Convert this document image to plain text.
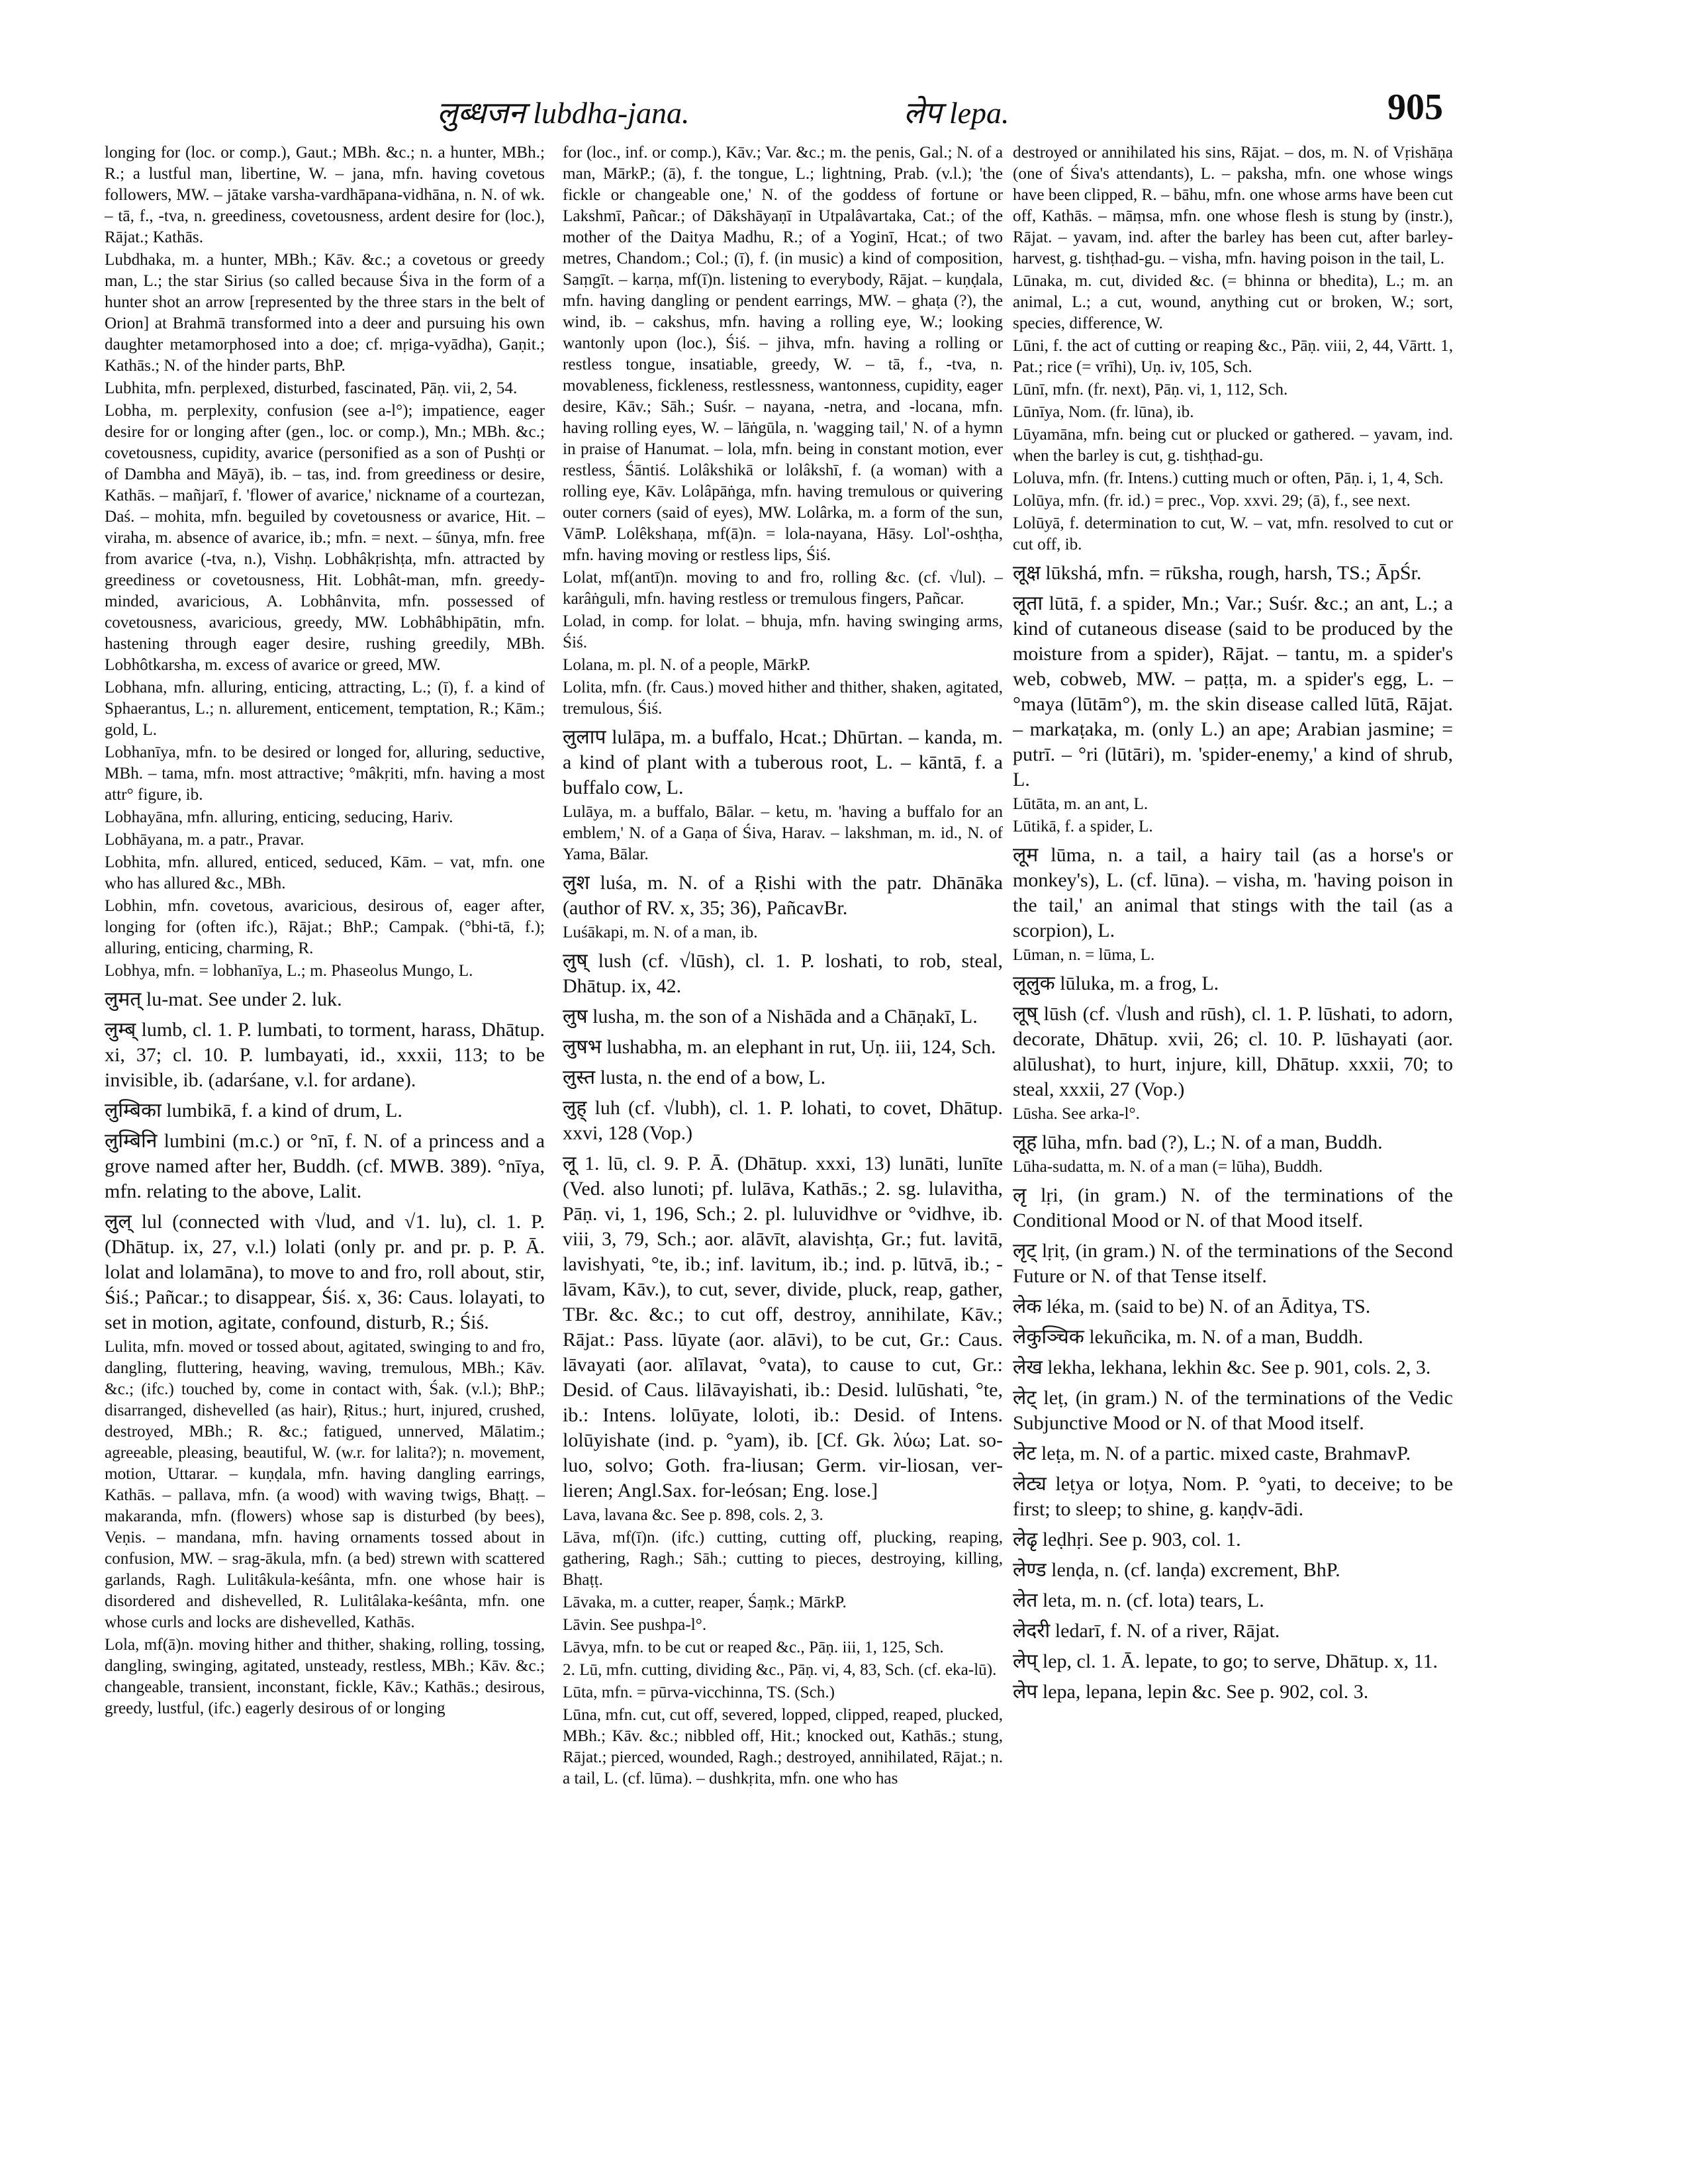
लुब्धजन lubdha-jana.	लेप lepa.	905

longing for (loc. or comp.), Gaut.; MBh. &c.; n. a hunter, MBh.; R.; a lustful man, libertine, W. – jana, mfn. having covetous followers, MW. – jātake varsha-vardhāpana-vidhāna, n. N. of wk. – tā, f., -tva, n. greediness, covetousness, ardent desire for (loc.), Rājat.; Kathās.

Lubdhaka, m. a hunter, MBh.; Kāv. &c.; a covetous or greedy man, L.; the star Sirius (so called because Śiva in the form of a hunter shot an arrow [represented by the three stars in the belt of Orion] at Brahmā transformed into a deer and pursuing his own daughter metamorphosed into a doe; cf. mṛiga-vyādha), Gaṇit.; Kathās.; N. of the hinder parts, BhP.

Lubhita, mfn. perplexed, disturbed, fascinated, Pāṇ. vii, 2, 54.

Lobha, m. perplexity, confusion (see a-l°); impatience, eager desire for or longing after (gen., loc. or comp.), Mn.; MBh. &c.; covetousness, cupidity, avarice (personified as a son of Pushṭi or of Dambha and Māyā), ib. – tas, ind. from greediness or desire, Kathās. – mañjarī, f. 'flower of avarice,' nickname of a courtezan, Daś. – mohita, mfn. beguiled by covetousness or avarice, Hit. – viraha, m. absence of avarice, ib.; mfn. = next. – śūnya, mfn. free from avarice (-tva, n.), Vishṇ. Lobhâkṛishṭa, mfn. attracted by greediness or covetousness, Hit. Lobhât-man, mfn. greedy-minded, avaricious, A. Lobhânvita, mfn. possessed of covetousness, avaricious, greedy, MW. Lobhâbhipātin, mfn. hastening through eager desire, rushing greedily, MBh. Lobhôtkarsha, m. excess of avarice or greed, MW.

Lobhana, mfn. alluring, enticing, attracting, L.; (ī), f. a kind of Sphaerantus, L.; n. allurement, enticement, temptation, R.; Kām.; gold, L.

Lobhanīya, mfn. to be desired or longed for, alluring, seductive, MBh. – tama, mfn. most attractive; °mâkṛiti, mfn. having a most attr° figure, ib.

Lobhayāna, mfn. alluring, enticing, seducing, Hariv.

Lobhāyana, m. a patr., Pravar.

Lobhita, mfn. allured, enticed, seduced, Kām. – vat, mfn. one who has allured &c., MBh.

Lobhin, mfn. covetous, avaricious, desirous of, eager after, longing for (often ifc.), Rājat.; BhP.; Campak. (°bhi-tā, f.); alluring, enticing, charming, R.

Lobhya, mfn. = lobhanīya, L.; m. Phaseolus Mungo, L.

लुमत् lu-mat. See under 2. luk.

लुम्ब् lumb, cl. 1. P. lumbati, to torment, harass, Dhātup. xi, 37; cl. 10. P. lumbayati, id., xxxii, 113; to be invisible, ib. (adarśane, v.l. for ardane).

लुम्बिका lumbikā, f. a kind of drum, L.

लुम्बिनि lumbini (m.c.) or °nī, f. N. of a princess and a grove named after her, Buddh. (cf. MWB. 389). °nīya, mfn. relating to the above, Lalit.

लुल् lul (connected with √lud, and √1. lu), cl. 1. P. (Dhātup. ix, 27, v.l.) lolati (only pr. and pr. p. P. Ā. lolat and lolamāna), to move to and fro, roll about, stir, Śiś.; Pañcar.; to disappear, Śiś. x, 36: Caus. lolayati, to set in motion, agitate, confound, disturb, R.; Śiś.

Lulita, mfn. moved or tossed about, agitated, swinging to and fro, dangling, fluttering, heaving, waving, tremulous, MBh.; Kāv. &c.; (ifc.) touched by, come in contact with, Śak. (v.l.); BhP.; disarranged, dishevelled (as hair), Ṛitus.; hurt, injured, crushed, destroyed, MBh.; R. &c.; fatigued, unnerved, Mālatim.; agreeable, pleasing, beautiful, W. (w.r. for lalita?); n. movement, motion, Uttarar. – kuṇḍala, mfn. having dangling earrings, Kathās. – pallava, mfn. (a wood) with waving twigs, Bhaṭṭ. – makaranda, mfn. (flowers) whose sap is disturbed (by bees), Veṇis. – mandana, mfn. having ornaments tossed about in confusion, MW. – srag-ākula, mfn. (a bed) strewn with scattered garlands, Ragh. Lulitâkula-keśânta, mfn. one whose hair is disordered and dishevelled, R. Lulitâlaka-keśânta, mfn. one whose curls and locks are dishevelled, Kathās.

Lola, mf(ā)n. moving hither and thither, shaking, rolling, tossing, dangling, swinging, agitated, unsteady, restless, MBh.; Kāv. &c.; changeable, transient, inconstant, fickle, Kāv.; Kathās.; desirous, greedy, lustful, (ifc.) eagerly desirous of or longing

for (loc., inf. or comp.), Kāv.; Var. &c.; m. the penis, Gal.; N. of a man, MārkP.; (ā), f. the tongue, L.; lightning, Prab. (v.l.); 'the fickle or changeable one,' N. of the goddess of fortune or Lakshmī, Pañcar.; of Dākshāyaṇī in Utpalâvartaka, Cat.; of the mother of the Daitya Madhu, R.; of a Yoginī, Hcat.; of two metres, Chandom.; Col.; (ī), f. (in music) a kind of composition, Saṃgīt. – karṇa, mf(ī)n. listening to everybody, Rājat. – kuṇḍala, mfn. having dangling or pendent earrings, MW. – ghaṭa (?), the wind, ib. – cakshus, mfn. having a rolling eye, W.; looking wantonly upon (loc.), Śiś. – jihva, mfn. having a rolling or restless tongue, insatiable, greedy, W. – tā, f., -tva, n. movableness, fickleness, restlessness, wantonness, cupidity, eager desire, Kāv.; Sāh.; Suśr. – nayana, -netra, and -locana, mfn. having rolling eyes, W. – lāṅgūla, n. 'wagging tail,' N. of a hymn in praise of Hanumat. – lola, mfn. being in constant motion, ever restless, Śāntiś. Lolâkshikā or lolâkshī, f. (a woman) with a rolling eye, Kāv. Lolâpāṅga, mfn. having tremulous or quivering outer corners (said of eyes), MW. Lolârka, m. a form of the sun, VāmP. Lolêkshaṇa, mf(ā)n. = lola-nayana, Hāsy. Lol'-oshṭha, mfn. having moving or restless lips, Śiś.

Lolat, mf(antī)n. moving to and fro, rolling &c. (cf. √lul). – karâṅguli, mfn. having restless or tremulous fingers, Pañcar.

Lolad, in comp. for lolat. – bhuja, mfn. having swinging arms, Śiś.

Lolana, m. pl. N. of a people, MārkP.

Lolita, mfn. (fr. Caus.) moved hither and thither, shaken, agitated, tremulous, Śiś.

लुलाप lulāpa, m. a buffalo, Hcat.; Dhūrtan. – kanda, m. a kind of plant with a tuberous root, L. – kāntā, f. a buffalo cow, L.

Lulāya, m. a buffalo, Bālar. – ketu, m. 'having a buffalo for an emblem,' N. of a Gaṇa of Śiva, Harav. – lakshman, m. id., N. of Yama, Bālar.

लुश luśa, m. N. of a Ṛishi with the patr. Dhānāka (author of RV. x, 35; 36), PañcavBr.

Luśākapi, m. N. of a man, ib.

लुष् lush (cf. √lūsh), cl. 1. P. loshati, to rob, steal, Dhātup. ix, 42.

लुष lusha, m. the son of a Nishāda and a Chāṇakī, L.

लुषभ lushabha, m. an elephant in rut, Uṇ. iii, 124, Sch.

लुस्त lusta, n. the end of a bow, L.

लुह् luh (cf. √lubh), cl. 1. P. lohati, to covet, Dhātup. xxvi, 128 (Vop.)

लू 1. lū, cl. 9. P. Ā. (Dhātup. xxxi, 13) lunāti, lunīte (Ved. also lunoti; pf. lulāva, Kathās.; 2. sg. lulavitha, Pāṇ. vi, 1, 196, Sch.; 2. pl. luluvidhve or °vidhve, ib. viii, 3, 79, Sch.; aor. alāvīt, alavishṭa, Gr.; fut. lavitā, lavishyati, °te, ib.; inf. lavitum, ib.; ind. p. lūtvā, ib.; -lāvam, Kāv.), to cut, sever, divide, pluck, reap, gather, TBr. &c. &c.; to cut off, destroy, annihilate, Kāv.; Rājat.: Pass. lūyate (aor. alāvi), to be cut, Gr.: Caus. lāvayati (aor. alīlavat, °vata), to cause to cut, Gr.: Desid. of Caus. lilāvayishati, ib.: Desid. lulūshati, °te, ib.: Intens. lolūyate, loloti, ib.: Desid. of Intens. lolūyishate (ind. p. °yam), ib. [Cf. Gk. λύω; Lat. so-luo, solvo; Goth. fra-liusan; Germ. vir-liosan, ver-lieren; Angl.Sax. for-leósan; Eng. lose.]

Lava, lavana &c. See p. 898, cols. 2, 3.

Lāva, mf(ī)n. (ifc.) cutting, cutting off, plucking, reaping, gathering, Ragh.; Sāh.; cutting to pieces, destroying, killing, Bhaṭṭ.

Lāvaka, m. a cutter, reaper, Śaṃk.; MārkP.

Lāvin. See pushpa-l°.

Lāvya, mfn. to be cut or reaped &c., Pāṇ. iii, 1, 125, Sch.

2. Lū, mfn. cutting, dividing &c., Pāṇ. vi, 4, 83, Sch. (cf. eka-lū).

Lūta, mfn. = pūrva-vicchinna, TS. (Sch.)

Lūna, mfn. cut, cut off, severed, lopped, clipped, reaped, plucked, MBh.; Kāv. &c.; nibbled off, Hit.; knocked out, Kathās.; stung, Rājat.; pierced, wounded, Ragh.; destroyed, annihilated, Rājat.; n. a tail, L. (cf. lūma). – dushkṛita, mfn. one who has

destroyed or annihilated his sins, Rājat. – dos, m. N. of Vṛishāṇa (one of Śiva's attendants), L. – paksha, mfn. one whose wings have been clipped, R. – bāhu, mfn. one whose arms have been cut off, Kathās. – māṃsa, mfn. one whose flesh is stung by (instr.), Rājat. – yavam, ind. after the barley has been cut, after barley-harvest, g. tishṭhad-gu. – visha, mfn. having poison in the tail, L.

Lūnaka, m. cut, divided &c. (= bhinna or bhedita), L.; m. an animal, L.; a cut, wound, anything cut or broken, W.; sort, species, difference, W.

Lūni, f. the act of cutting or reaping &c., Pāṇ. viii, 2, 44, Vārtt. 1, Pat.; rice (= vrīhi), Uṇ. iv, 105, Sch.

Lūnī, mfn. (fr. next), Pāṇ. vi, 1, 112, Sch.

Lūnīya, Nom. (fr. lūna), ib.

Lūyamāna, mfn. being cut or plucked or gathered. – yavam, ind. when the barley is cut, g. tishṭhad-gu.

Loluva, mfn. (fr. Intens.) cutting much or often, Pāṇ. i, 1, 4, Sch.

Lolūya, mfn. (fr. id.) = prec., Vop. xxvi. 29; (ā), f., see next.

Lolūyā, f. determination to cut, W. – vat, mfn. resolved to cut or cut off, ib.

लूक्ष lūkshá, mfn. = rūksha, rough, harsh, TS.; ĀpŚr.

लूता lūtā, f. a spider, Mn.; Var.; Suśr. &c.; an ant, L.; a kind of cutaneous disease (said to be produced by the moisture from a spider), Rājat. – tantu, m. a spider's web, cobweb, MW. – paṭṭa, m. a spider's egg, L. – °maya (lūtām°), m. the skin disease called lūtā, Rājat. – markaṭaka, m. (only L.) an ape; Arabian jasmine; = putrī. – °ri (lūtāri), m. 'spider-enemy,' a kind of shrub, L.

Lūtāta, m. an ant, L.

Lūtikā, f. a spider, L.

लूम lūma, n. a tail, a hairy tail (as a horse's or monkey's), L. (cf. lūna). – visha, m. 'having poison in the tail,' an animal that stings with the tail (as a scorpion), L.

Lūman, n. = lūma, L.

लूलुक lūluka, m. a frog, L.

लूष् lūsh (cf. √lush and rūsh), cl. 1. P. lūshati, to adorn, decorate, Dhātup. xvii, 26; cl. 10. P. lūshayati (aor. alūlushat), to hurt, injure, kill, Dhātup. xxxii, 70; to steal, xxxii, 27 (Vop.)

Lūsha. See arka-l°.

लूह lūha, mfn. bad (?), L.; N. of a man, Buddh.

Lūha-sudatta, m. N. of a man (= lūha), Buddh.

लृ lṛi, (in gram.) N. of the terminations of the Conditional Mood or N. of that Mood itself.

लृट् lṛiṭ, (in gram.) N. of the terminations of the Second Future or N. of that Tense itself.

लेक léka, m. (said to be) N. of an Āditya, TS.

लेकुञ्चिक lekuñcika, m. N. of a man, Buddh.

लेख lekha, lekhana, lekhin &c. See p. 901, cols. 2, 3.

लेट् leṭ, (in gram.) N. of the terminations of the Vedic Subjunctive Mood or N. of that Mood itself.

लेट leṭa, m. N. of a partic. mixed caste, BrahmavP.

लेट्य leṭya or loṭya, Nom. P. °yati, to deceive; to be first; to sleep; to shine, g. kaṇḍv-ādi.

लेढृ leḍhṛi. See p. 903, col. 1.

लेण्ड lenḍa, n. (cf. lanḍa) excrement, BhP.

लेत leta, m. n. (cf. lota) tears, L.

लेदरी ledarī, f. N. of a river, Rājat.

लेप् lep, cl. 1. Ā. lepate, to go; to serve, Dhātup. x, 11.

लेप lepa, lepana, lepin &c. See p. 902, col. 3.
